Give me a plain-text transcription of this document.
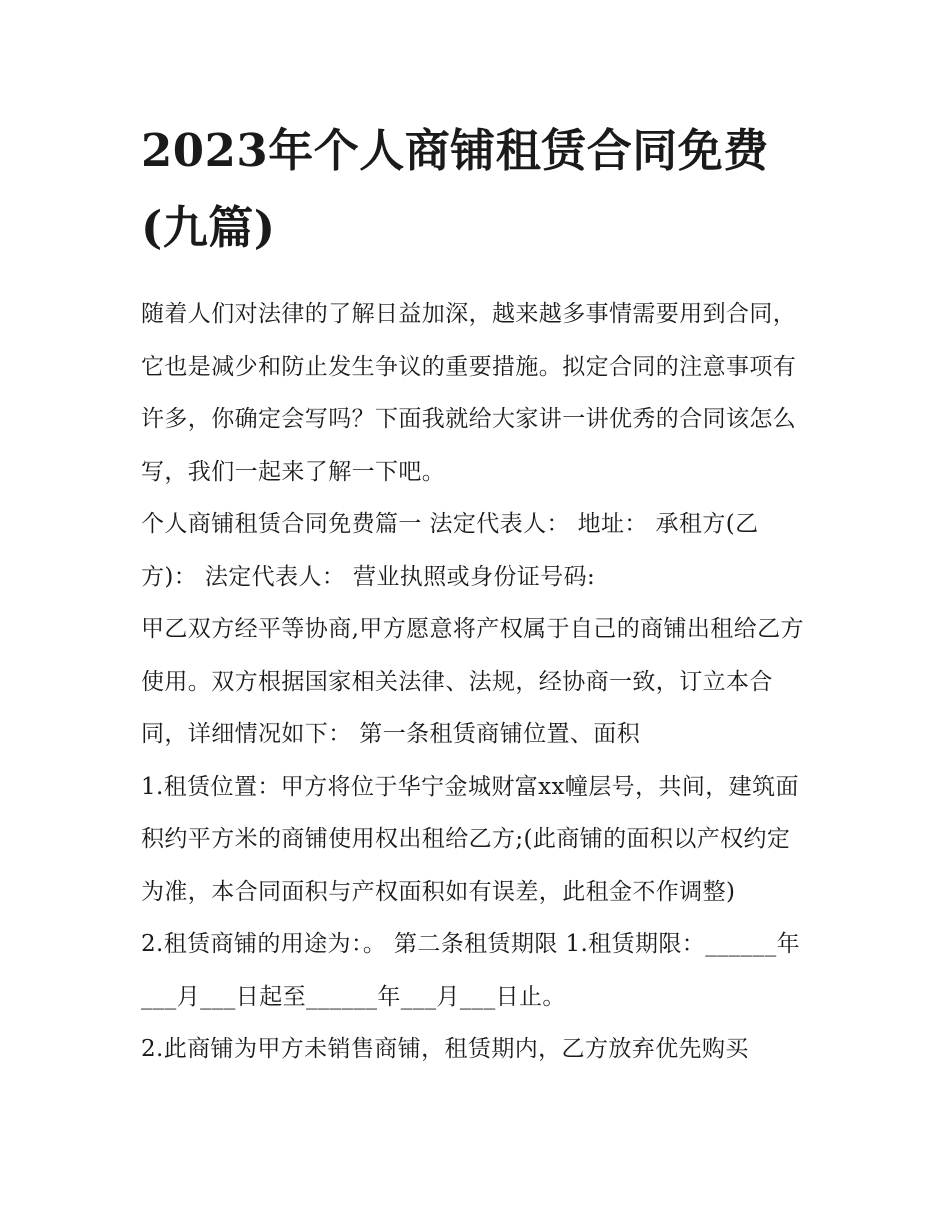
2023年个人商铺租赁合同免费(九篇)

随着人们对法律的了解日益加深，越来越多事情需要用到合同，它也是减少和防止发生争议的重要措施。拟定合同的注意事项有许多，你确定会写吗？下面我就给大家讲一讲优秀的合同该怎么写，我们一起来了解一下吧。

个人商铺租赁合同免费篇一 法定代表人： 地址： 承租方(乙方)： 法定代表人： 营业执照或身份证号码:

甲乙双方经平等协商,甲方愿意将产权属于自己的商铺出租给乙方使用。双方根据国家相关法律、法规，经协商一致，订立本合同，详细情况如下： 第一条租赁商铺位置、面积

1.租赁位置：甲方将位于华宁金城财富xx幢层号，共间，建筑面积约平方米的商铺使用权出租给乙方;(此商铺的面积以产权约定为准，本合同面积与产权面积如有误差，此租金不作调整)

2.租赁商铺的用途为：。 第二条租赁期限 1.租赁期限：______年___月___日起至______年___月___日止。

2.此商铺为甲方未销售商铺，租赁期内，乙方放弃优先购买
